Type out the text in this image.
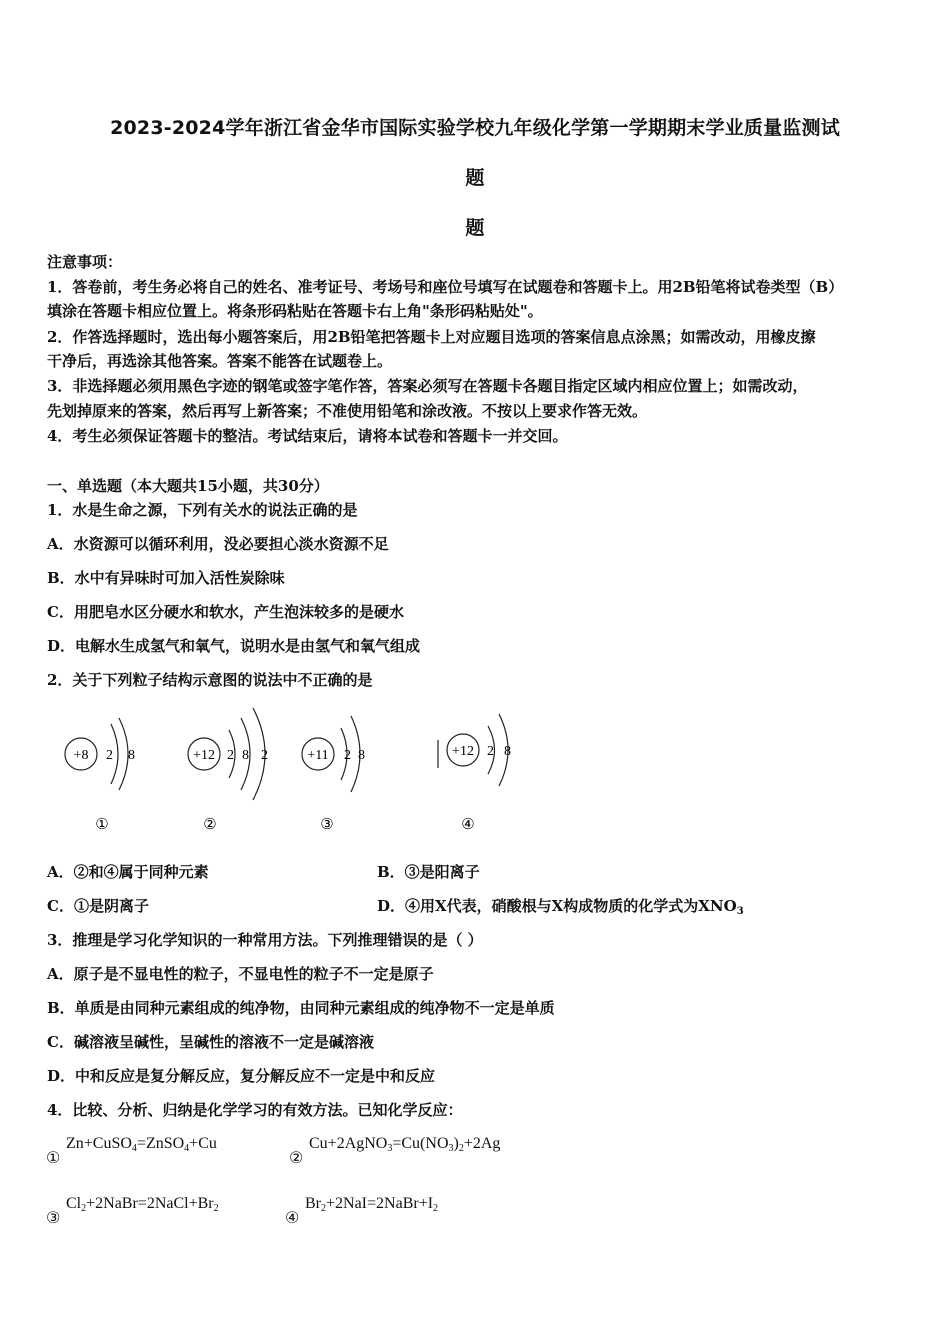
2023-2024学年浙江省金华市国际实验学校九年级化学第一学期期末学业质量监测试
题
题
注意事项：
1．答卷前，考生务必将自己的姓名、准考证号、考场号和座位号填写在试题卷和答题卡上。用2B铅笔将试卷类型（B）
填涂在答题卡相应位置上。将条形码粘贴在答题卡右上角"条形码粘贴处"。
2．作答选择题时，选出每小题答案后，用2B铅笔把答题卡上对应题目选项的答案信息点涂黑；如需改动，用橡皮擦
干净后，再选涂其他答案。答案不能答在试题卷上。
3．非选择题必须用黑色字迹的钢笔或签字笔作答，答案必须写在答题卡各题目指定区域内相应位置上；如需改动，
先划掉原来的答案，然后再写上新答案；不准使用铅笔和涂改液。不按以上要求作答无效。
4．考生必须保证答题卡的整洁。考试结束后，请将本试卷和答题卡一并交回。
一、单选题（本大题共15小题，共30分）
1．水是生命之源，下列有关水的说法正确的是
A．水资源可以循环利用，没必要担心淡水资源不足
B．水中有异味时可加入活性炭除味
C．用肥皂水区分硬水和软水，产生泡沫较多的是硬水
D．电解水生成氢气和氧气，说明水是由氢气和氧气组成
2．关于下列粒子结构示意图的说法中不正确的是
+8 2 8
①
+12 2 8 2
②
+11 2 8
③
+12 2 8
④
A．②和④属于同种元素	B．③是阳离子
C．①是阴离子	D．④用X代表，硝酸根与X构成物质的化学式为$XNO_3$
3．推理是学习化学知识的一种常用方法。下列推理错误的是（ ）
A．原子是不显电性的粒子，不显电性的粒子不一定是原子
B．单质是由同种元素组成的纯净物，由同种元素组成的纯净物不一定是单质
C．碱溶液呈碱性，呈碱性的溶液不一定是碱溶液
D．中和反应是复分解反应，复分解反应不一定是中和反应
4．比较、分析、归纳是化学学习的有效方法。已知化学反应：
①
Zn+CuSO$_4$=ZnSO$_4$+Cu
②
$Cu+2AgNO_3=Cu(NO_3)_2+2Ag$
③
$Cl_2+2NaBr=2NaCl+Br_2$	④
$Br_2+2NaI=2NaBr+I_2$
